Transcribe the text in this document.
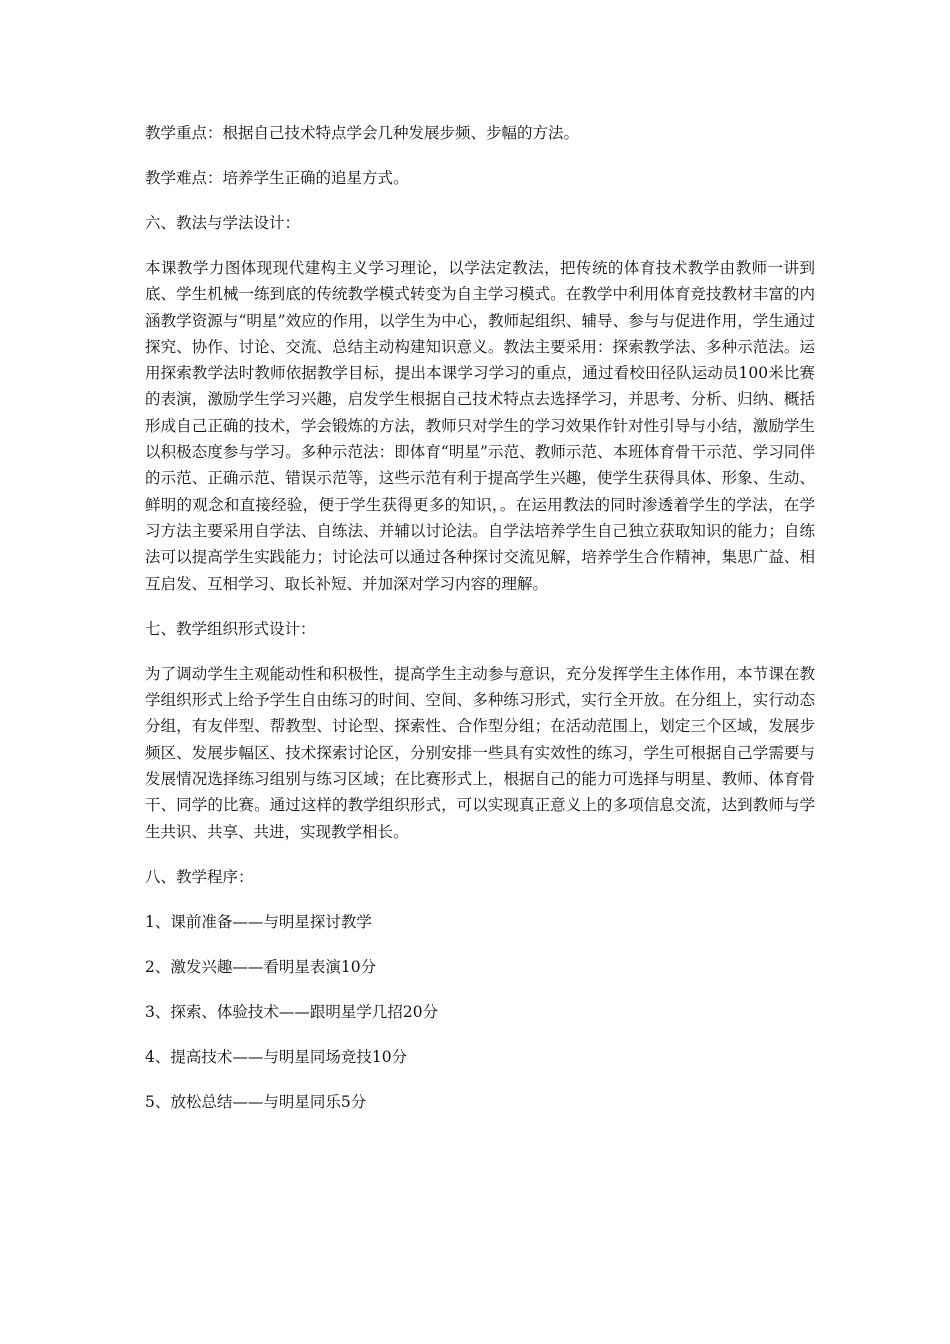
教学重点：根据自己技术特点学会几种发展步频、步幅的方法。

教学难点：培养学生正确的追星方式。

六、教法与学法设计：

本课教学力图体现现代建构主义学习理论，以学法定教法，把传统的体育技术教学由教师一讲到底、学生机械一练到底的传统教学模式转变为自主学习模式。在教学中利用体育竞技教材丰富的内涵教学资源与“明星”效应的作用，以学生为中心，教师起组织、辅导、参与与促进作用，学生通过探究、协作、讨论、交流、总结主动构建知识意义。教法主要采用：探索教学法、多种示范法。运用探索教学法时教师依据教学目标，提出本课学习学习的重点，通过看校田径队运动员100米比赛的表演，激励学生学习兴趣，启发学生根据自己技术特点去选择学习，并思考、分析、归纳、概括形成自己正确的技术，学会锻炼的方法，教师只对学生的学习效果作针对性引导与小结，激励学生以积极态度参与学习。多种示范法：即体育“明星”示范、教师示范、本班体育骨干示范、学习同伴的示范、正确示范、错误示范等，这些示范有利于提高学生兴趣，使学生获得具体、形象、生动、鲜明的观念和直接经验，便于学生获得更多的知识，。在运用教法的同时渗透着学生的学法，在学习方法主要采用自学法、自练法、并辅以讨论法。自学法培养学生自己独立获取知识的能力；自练法可以提高学生实践能力；讨论法可以通过各种探讨交流见解，培养学生合作精神，集思广益、相互启发、互相学习、取长补短、并加深对学习内容的理解。

七、教学组织形式设计：

为了调动学生主观能动性和积极性，提高学生主动参与意识，充分发挥学生主体作用，本节课在教学组织形式上给予学生自由练习的时间、空间、多种练习形式，实行全开放。在分组上，实行动态分组，有友伴型、帮教型、讨论型、探索性、合作型分组；在活动范围上，划定三个区域，发展步频区、发展步幅区、技术探索讨论区，分别安排一些具有实效性的练习，学生可根据自己学需要与发展情况选择练习组别与练习区域；在比赛形式上，根据自己的能力可选择与明星、教师、体育骨干、同学的比赛。通过这样的教学组织形式，可以实现真正意义上的多项信息交流，达到教师与学生共识、共享、共进，实现教学相长。

八、教学程序：

1、课前准备——与明星探讨教学

2、激发兴趣——看明星表演10分

3、探索、体验技术——跟明星学几招20分

4、提高技术——与明星同场竞技10分

5、放松总结——与明星同乐5分
